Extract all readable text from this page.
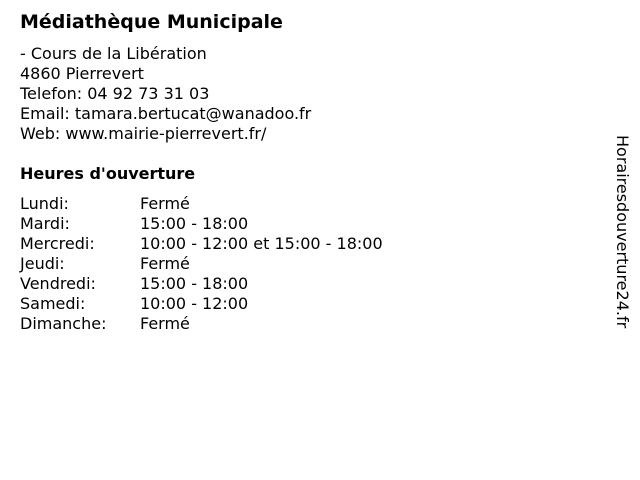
Médiathèque Municipale
- Cours de la Libération
4860 Pierrevert
Telefon: 04 92 73 31 03
Email: tamara.bertucat@wanadoo.fr
Web: www.mairie-pierrevert.fr/
Heures d'ouverture
Lundi:	Fermé
Mardi:	15:00 - 18:00
Mercredi:	10:00 - 12:00 et 15:00 - 18:00
Jeudi:	Fermé
Vendredi:	15:00 - 18:00
Samedi:	10:00 - 12:00
Dimanche: Fermé	Horairesdouverture24.fr
